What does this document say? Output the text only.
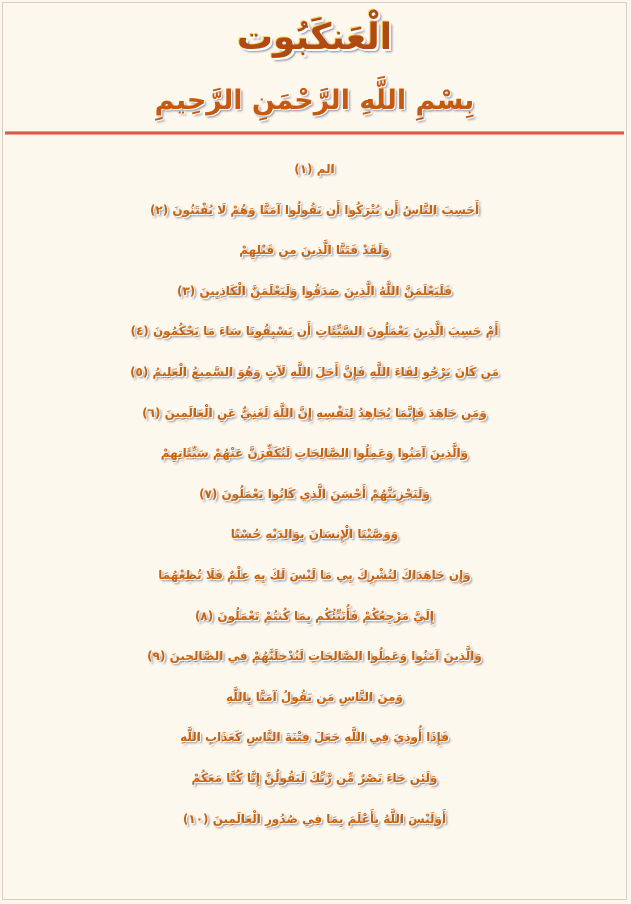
الْعَنكَبُوت
بِسْمِ اللَّهِ الرَّحْمَنِ الرَّحِيمِ
الم (١)
أَحَسِبَ النَّاسُ أَن يُتْرَكُوا أَن يَقُولُوا آمَنَّا وَهُمْ لَا يُفْتَنُونَ (٢)
وَلَقَدْ فَتَنَّا الَّذِينَ مِن قَبْلِهِمْ
فَلَيَعْلَمَنَّ اللَّهُ الَّذِينَ صَدَقُوا وَلَيَعْلَمَنَّ الْكَاذِبِينَ (٣)
أَمْ حَسِبَ الَّذِينَ يَعْمَلُونَ السَّيِّئَاتِ أَن يَسْبِقُونَا سَاءَ مَا يَحْكُمُونَ (٤)
مَن كَانَ يَرْجُو لِقَاءَ اللَّهِ فَإِنَّ أَجَلَ اللَّهِ لَآتٍ وَهُوَ السَّمِيعُ الْعَلِيمُ (٥)
وَمَن جَاهَدَ فَإِنَّمَا يُجَاهِدُ لِنَفْسِهِ إِنَّ اللَّهَ لَغَنِيٌّ عَنِ الْعَالَمِينَ (٦)
وَالَّذِينَ آمَنُوا وَعَمِلُوا الصَّالِحَاتِ لَنُكَفِّرَنَّ عَنْهُمْ سَيِّئَاتِهِمْ
وَلَنَجْزِيَنَّهُمْ أَحْسَنَ الَّذِي كَانُوا يَعْمَلُونَ (٧)
وَوَصَّيْنَا الْإِنسَانَ بِوَالِدَيْهِ حُسْنًا
وَإِن جَاهَدَاكَ لِتُشْرِكَ بِي مَا لَيْسَ لَكَ بِهِ عِلْمٌ فَلَا تُطِعْهُمَا
إِلَيَّ مَرْجِعُكُمْ فَأُنَبِّئُكُم بِمَا كُنتُمْ تَعْمَلُونَ (٨)
وَالَّذِينَ آمَنُوا وَعَمِلُوا الصَّالِحَاتِ لَنُدْخِلَنَّهُمْ فِي الصَّالِحِينَ (٩)
وَمِنَ النَّاسِ مَن يَقُولُ آمَنَّا بِاللَّهِ
فَإِذَا أُوذِيَ فِي اللَّهِ جَعَلَ فِتْنَةَ النَّاسِ كَعَذَابِ اللَّهِ
وَلَئِن جَاءَ نَصْرٌ مِّن رَّبِّكَ لَيَقُولُنَّ إِنَّا كُنَّا مَعَكُمْ
أَوَلَيْسَ اللَّهُ بِأَعْلَمَ بِمَا فِي صُدُورِ الْعَالَمِينَ (١٠)
